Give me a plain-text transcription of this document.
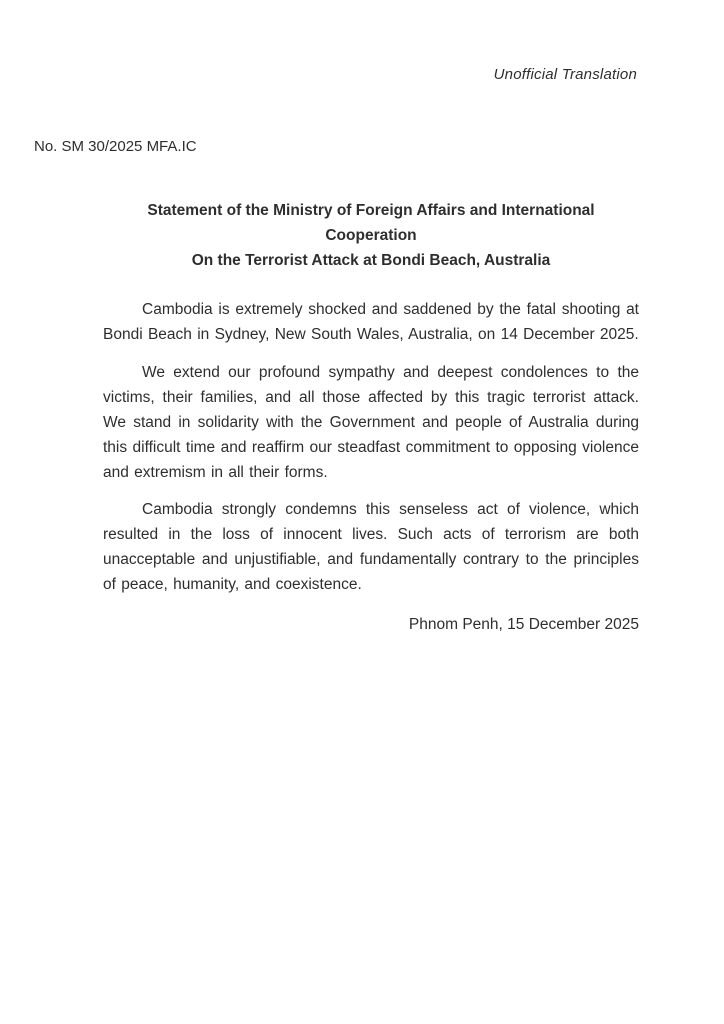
Unofficial Translation
No. SM 30/2025 MFA.IC
Statement of the Ministry of Foreign Affairs and International Cooperation
On the Terrorist Attack at Bondi Beach, Australia

Cambodia is extremely shocked and saddened by the fatal shooting at Bondi Beach in Sydney, New South Wales, Australia, on 14 December 2025.

We extend our profound sympathy and deepest condolences to the victims, their families, and all those affected by this tragic terrorist attack. We stand in solidarity with the Government and people of Australia during this difficult time and reaffirm our steadfast commitment to opposing violence and extremism in all their forms.

Cambodia strongly condemns this senseless act of violence, which resulted in the loss of innocent lives. Such acts of terrorism are both unacceptable and unjustifiable, and fundamentally contrary to the principles of peace, humanity, and coexistence.

Phnom Penh, 15 December 2025
